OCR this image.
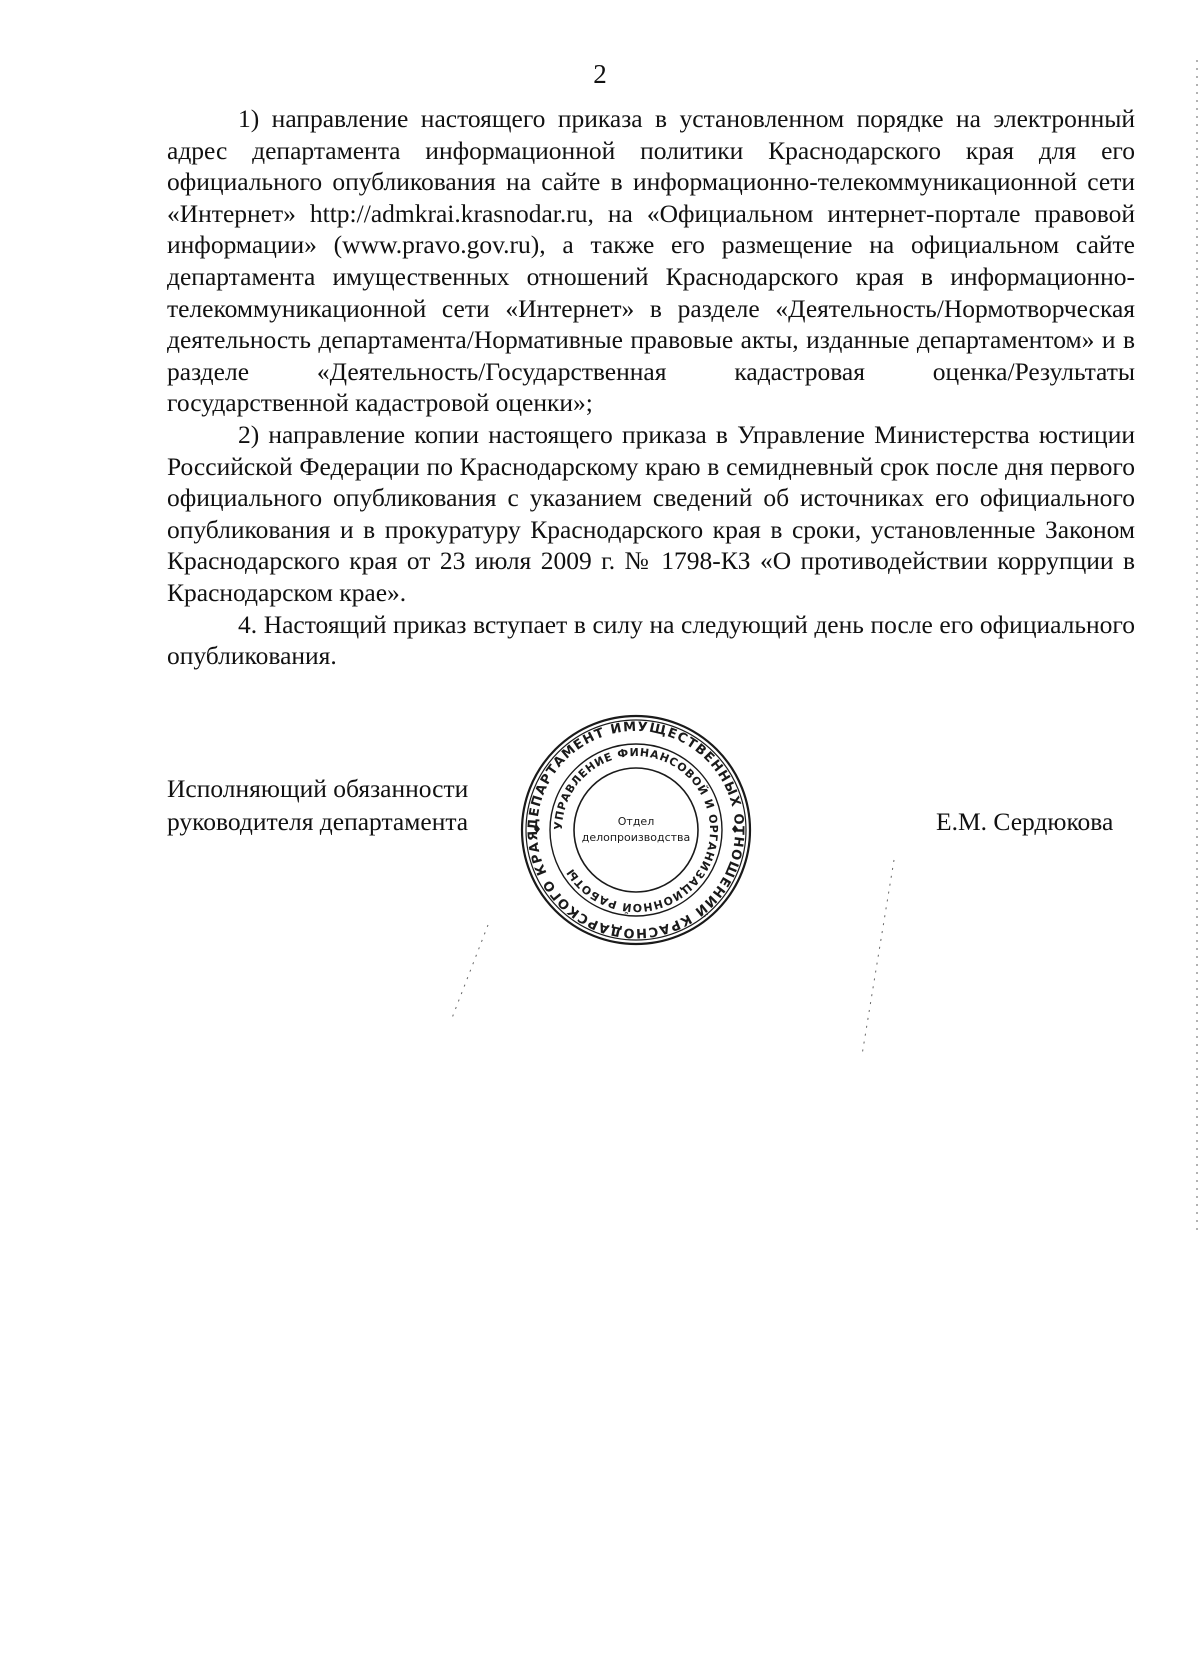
2

1) направление настоящего приказа в установленном порядке на электронный адрес департамента информационной политики Краснодарского края для его официального опубликования на сайте в информационно-телекоммуникационной сети «Интернет» http://admkrai.krasnodar.ru, на «Официальном интернет-портале правовой информации» (www.pravo.gov.ru), а также его размещение на официальном сайте департамента имущественных отношений Краснодарского края в информационно-телекоммуникационной сети «Интернет» в разделе «Деятельность/Нормотворческая деятельность департамента/Нормативные правовые акты, изданные департаментом» и в разделе «Деятельность/Государственная кадастровая оценка/Результаты государственной кадастровой оценки»;

2) направление копии настоящего приказа в Управление Министерства юстиции Российской Федерации по Краснодарскому краю в семидневный срок после дня первого официального опубликования с указанием сведений об источниках его официального опубликования и в прокуратуру Краснодарского края в сроки, установленные Законом Краснодарского края от 23 июля 2009 г. № 1798-КЗ «О противодействии коррупции в Краснодарском крае».

4. Настоящий приказ вступает в силу на следующий день после его официального опубликования.

Исполняющий обязанности
руководителя департамента	Е.М. Сердюкова
ДЕПАРТАМЕНТ ИМУЩЕСТВЕННЫХ ОТНОШЕНИЙ КРАСНОДАРСКОГО КРАЯ
УПРАВЛЕНИЕ ФИНАНСОВОЙ И ОРГАНИЗАЦИОННОЙ РАБОТЫ
Отдел
делопроизводства
